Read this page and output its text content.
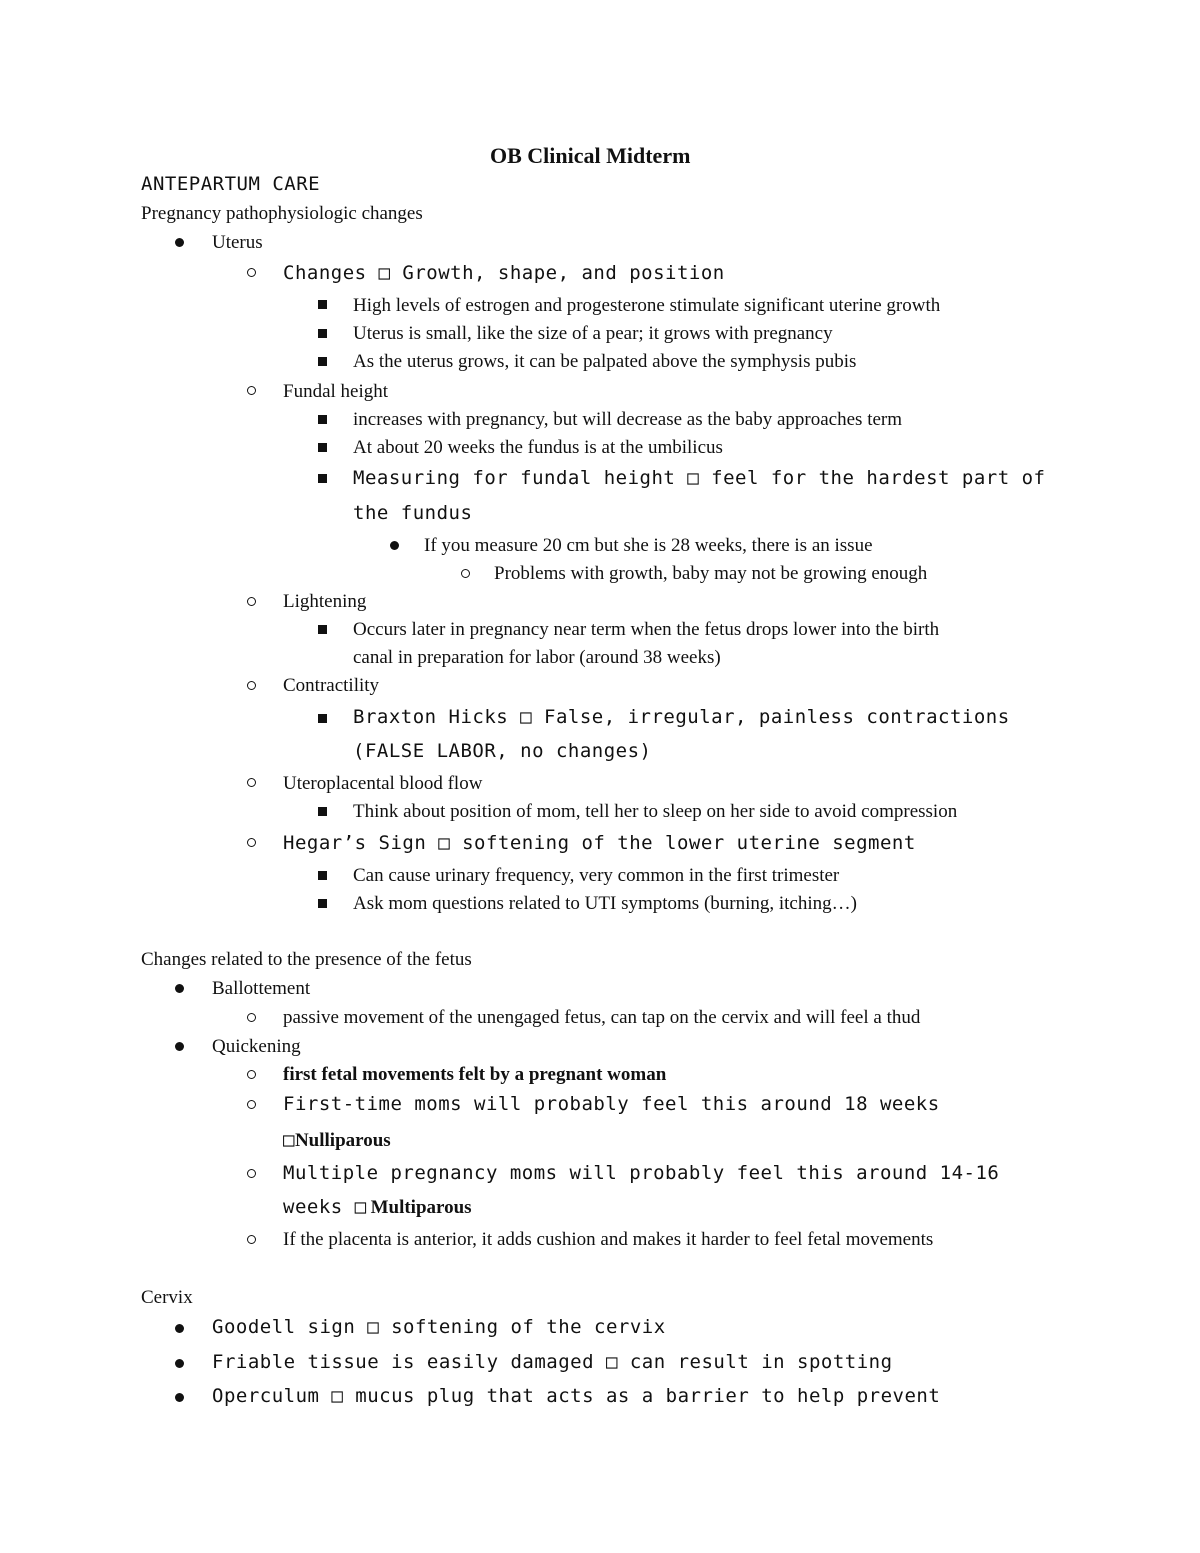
OB Clinical Midterm
ANTEPARTUM CARE
Pregnancy pathophysiologic changes
Uterus
Changes □ Growth, shape, and position
High levels of estrogen and progesterone stimulate significant uterine growth
Uterus is small, like the size of a pear; it grows with pregnancy
As the uterus grows, it can be palpated above the symphysis pubis
Fundal height
increases with pregnancy, but will decrease as the baby approaches term
At about 20 weeks the fundus is at the umbilicus
Measuring for fundal height □ feel for the hardest part of
the fundus
If you measure 20 cm but she is 28 weeks, there is an issue
Problems with growth, baby may not be growing enough
Lightening
Occurs later in pregnancy near term when the fetus drops lower into the birth
canal in preparation for labor (around 38 weeks)
Contractility
Braxton Hicks □ False, irregular, painless contractions
(FALSE LABOR, no changes)
Uteroplacental blood flow
Think about position of mom, tell her to sleep on her side to avoid compression
Hegar’s Sign □ softening of the lower uterine segment
Can cause urinary frequency, very common in the first trimester
Ask mom questions related to UTI symptoms (burning, itching…)
Changes related to the presence of the fetus
Ballottement
passive movement of the unengaged fetus, can tap on the cervix and will feel a thud
Quickening
first fetal movements felt by a pregnant woman
First-time moms will probably feel this around 18 weeks
□Nulliparous
Multiple pregnancy moms will probably feel this around 14-16
weeks □ Multiparous
If the placenta is anterior, it adds cushion and makes it harder to feel fetal movements
Cervix
Goodell sign □ softening of the cervix
Friable tissue is easily damaged □ can result in spotting
Operculum □ mucus plug that acts as a barrier to help prevent
